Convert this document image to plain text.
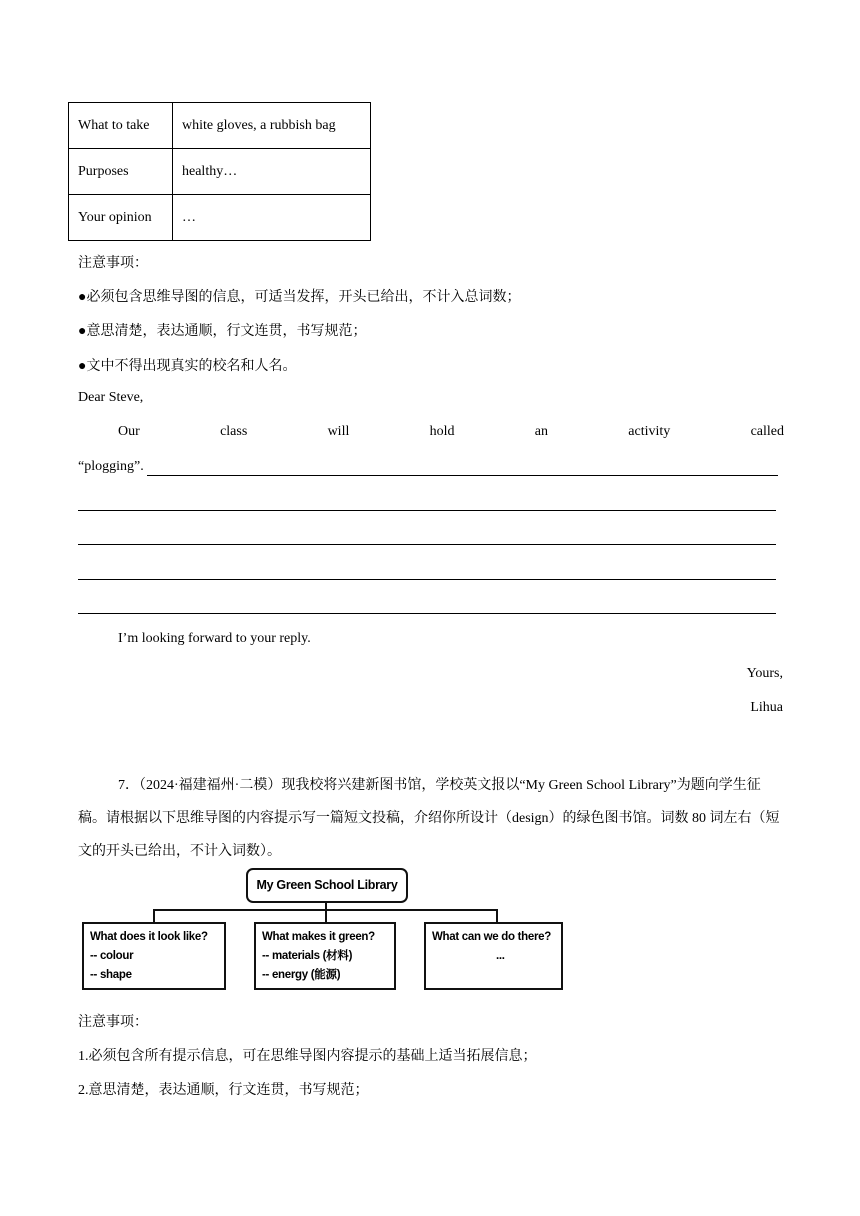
What to take	white gloves, a rubbish bag
Purposes	healthy…
Your opinion	…
注意事项：
●必须包含思维导图的信息，可适当发挥，开头已给出，不计入总词数；
●意思清楚，表达通顺，行文连贯，书写规范；
●文中不得出现真实的校名和人名。
Dear Steve,
Our	class	will	hold	an	activity	called
“plogging”.
I’m looking forward to your reply.
Yours,
Lihua
7．（2024·福建福州·二模）现我校将兴建新图书馆，学校英文报以“My Green School Library”为题向学生征稿。请根据以下思维导图的内容提示写一篇短文投稿，介绍你所设计（design）的绿色图书馆。词数 80 词左右（短文的开头已给出，不计入词数）。
My Green School Library
What does it look like?
-- colour
-- shape
What makes it green?
-- materials (材料)
-- energy (能源)
What can we do there?
...
注意事项：
1.必须包含所有提示信息，可在思维导图内容提示的基础上适当拓展信息；
2.意思清楚，表达通顺，行文连贯，书写规范；
